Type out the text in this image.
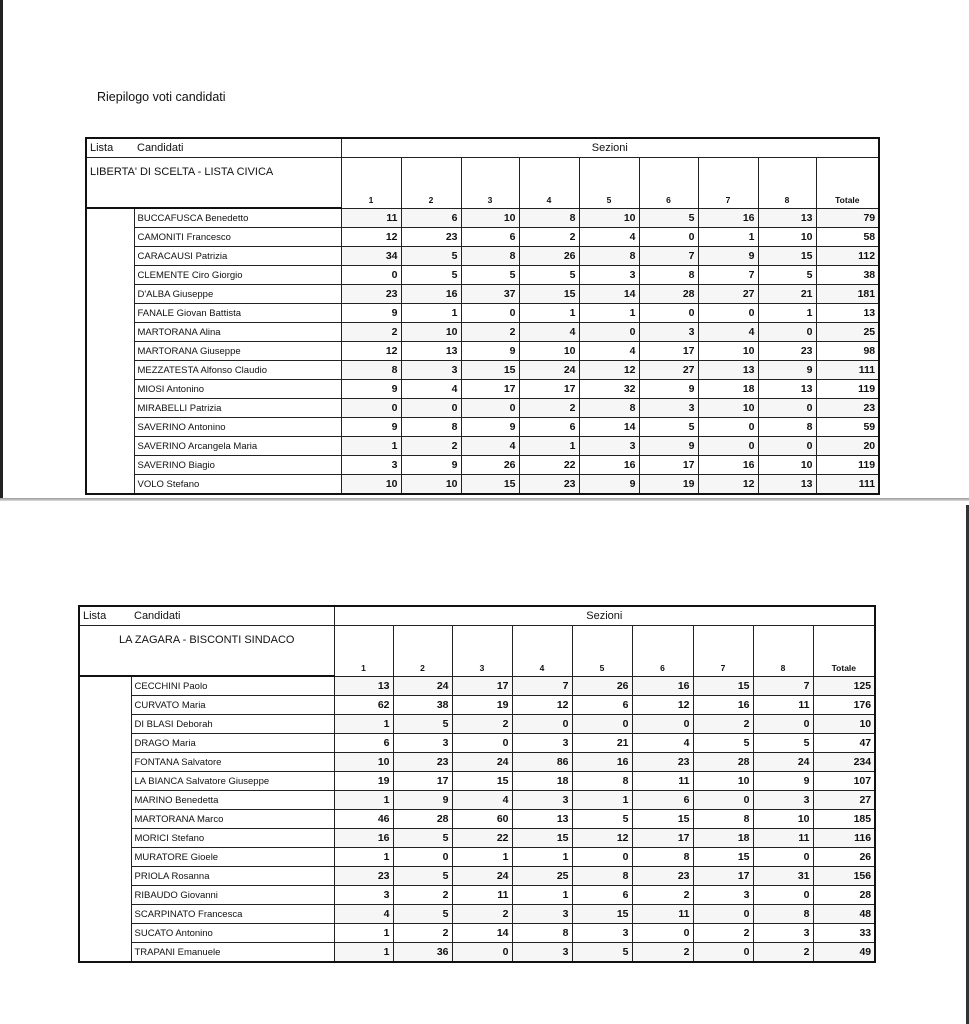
Riepilogo voti candidati
Lista	Candidati	Sezioni								
LIBERTA' DI SCELTA - LISTA CIVICA		1	2	3	4	5	6	7	8	Totale
	BUCCAFUSCA Benedetto	11	6	10	8	10	5	16	13	79
	CAMONITI Francesco	12	23	6	2	4	0	1	10	58
	CARACAUSI Patrizia	34	5	8	26	8	7	9	15	112
	CLEMENTE Ciro Giorgio	0	5	5	5	3	8	7	5	38
	D'ALBA Giuseppe	23	16	37	15	14	28	27	21	181
	FANALE Giovan Battista	9	1	0	1	1	0	0	1	13
	MARTORANA Alina	2	10	2	4	0	3	4	0	25
	MARTORANA Giuseppe	12	13	9	10	4	17	10	23	98
	MEZZATESTA Alfonso Claudio	8	3	15	24	12	27	13	9	111
	MIOSI Antonino	9	4	17	17	32	9	18	13	119
	MIRABELLI Patrizia	0	0	0	2	8	3	10	0	23
	SAVERINO Antonino	9	8	9	6	14	5	0	8	59
	SAVERINO Arcangela Maria	1	2	4	1	3	9	0	0	20
	SAVERINO Biagio	3	9	26	22	16	17	16	10	119
	VOLO Stefano	10	10	15	23	9	19	12	13	111
Lista	Candidati	Sezioni								
LA ZAGARA - BISCONTI SINDACO		1	2	3	4	5	6	7	8	Totale
	CECCHINI Paolo	13	24	17	7	26	16	15	7	125
	CURVATO Maria	62	38	19	12	6	12	16	11	176
	DI BLASI Deborah	1	5	2	0	0	0	2	0	10
	DRAGO Maria	6	3	0	3	21	4	5	5	47
	FONTANA Salvatore	10	23	24	86	16	23	28	24	234
	LA BIANCA Salvatore Giuseppe	19	17	15	18	8	11	10	9	107
	MARINO Benedetta	1	9	4	3	1	6	0	3	27
	MARTORANA Marco	46	28	60	13	5	15	8	10	185
	MORICI Stefano	16	5	22	15	12	17	18	11	116
	MURATORE Gioele	1	0	1	1	0	8	15	0	26
	PRIOLA Rosanna	23	5	24	25	8	23	17	31	156
	RIBAUDO Giovanni	3	2	11	1	6	2	3	0	28
	SCARPINATO Francesca	4	5	2	3	15	11	0	8	48
	SUCATO Antonino	1	2	14	8	3	0	2	3	33
	TRAPANI Emanuele	1	36	0	3	5	2	0	2	49
